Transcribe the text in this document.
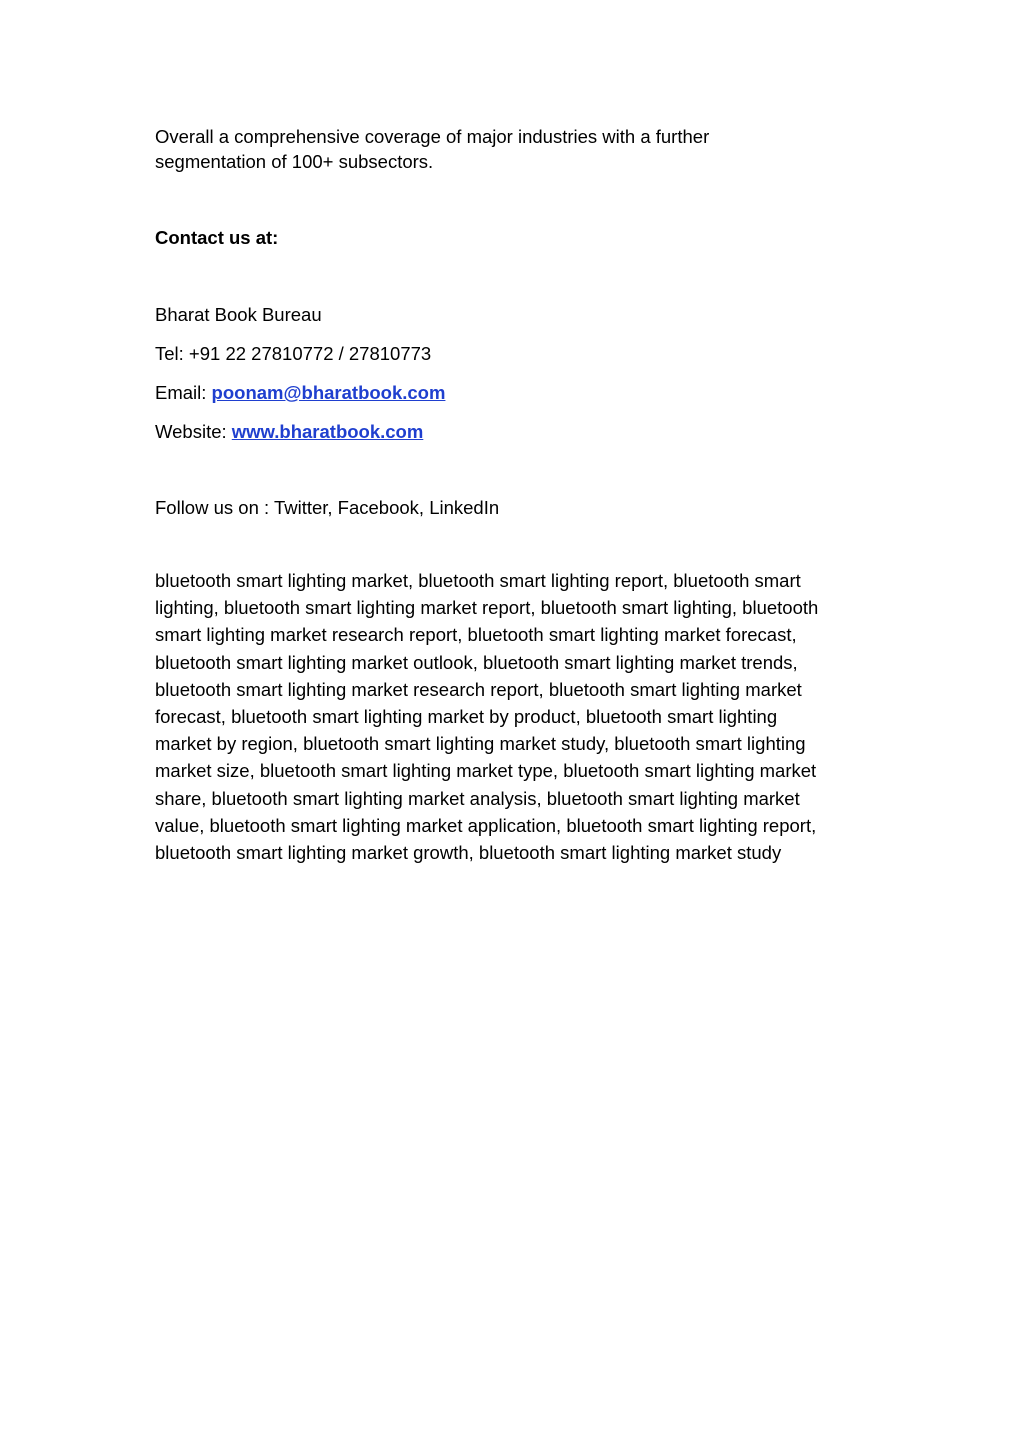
Overall a comprehensive coverage of major industries with a further
segmentation of 100+ subsectors.
Contact us at:
Bharat Book Bureau
Tel: +91 22 27810772 / 27810773
Email: poonam@bharatbook.com
Website: www.bharatbook.com
Follow us on : Twitter, Facebook, LinkedIn
bluetooth smart lighting market, bluetooth smart lighting report, bluetooth smart
lighting, bluetooth smart lighting market report, bluetooth smart lighting, bluetooth
smart lighting market research report, bluetooth smart lighting market forecast,
bluetooth smart lighting market outlook, bluetooth smart lighting market trends,
bluetooth smart lighting market research report, bluetooth smart lighting market
forecast, bluetooth smart lighting market by product, bluetooth smart lighting
market by region, bluetooth smart lighting market study, bluetooth smart lighting
market size, bluetooth smart lighting market type, bluetooth smart lighting market
share, bluetooth smart lighting market analysis, bluetooth smart lighting market
value, bluetooth smart lighting market application, bluetooth smart lighting report,
bluetooth smart lighting market growth, bluetooth smart lighting market study
